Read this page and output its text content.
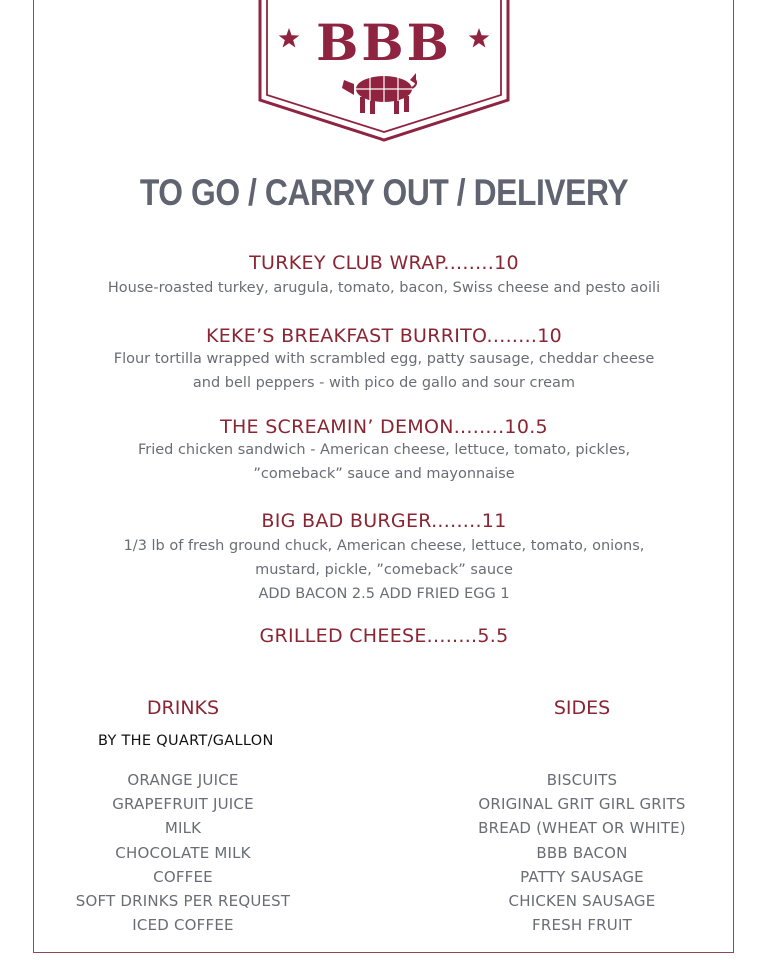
BBB
TO GO / CARRY OUT / DELIVERY
TURKEY CLUB WRAP........10
House-roasted turkey, arugula, tomato, bacon, Swiss cheese and pesto aoili
KEKE’S BREAKFAST BURRITO........10
Flour tortilla wrapped with scrambled egg, patty sausage, cheddar cheese
and bell peppers - with pico de gallo and sour cream
THE SCREAMIN’ DEMON........10.5
Fried chicken sandwich - American cheese, lettuce, tomato, pickles,
”comeback” sauce and mayonnaise
BIG BAD BURGER........11
1/3 lb of fresh ground chuck, American cheese, lettuce, tomato, onions,
mustard, pickle, ”comeback” sauce
ADD BACON 2.5 ADD FRIED EGG 1
GRILLED CHEESE........5.5
DRINKS
BY THE QUART/GALLON
ORANGE JUICE
GRAPEFRUIT JUICE
MILK
CHOCOLATE MILK
COFFEE
SOFT DRINKS PER REQUEST
ICED COFFEE
SIDES
BISCUITS
ORIGINAL GRIT GIRL GRITS
BREAD (WHEAT OR WHITE)
BBB BACON
PATTY SAUSAGE
CHICKEN SAUSAGE
FRESH FRUIT
